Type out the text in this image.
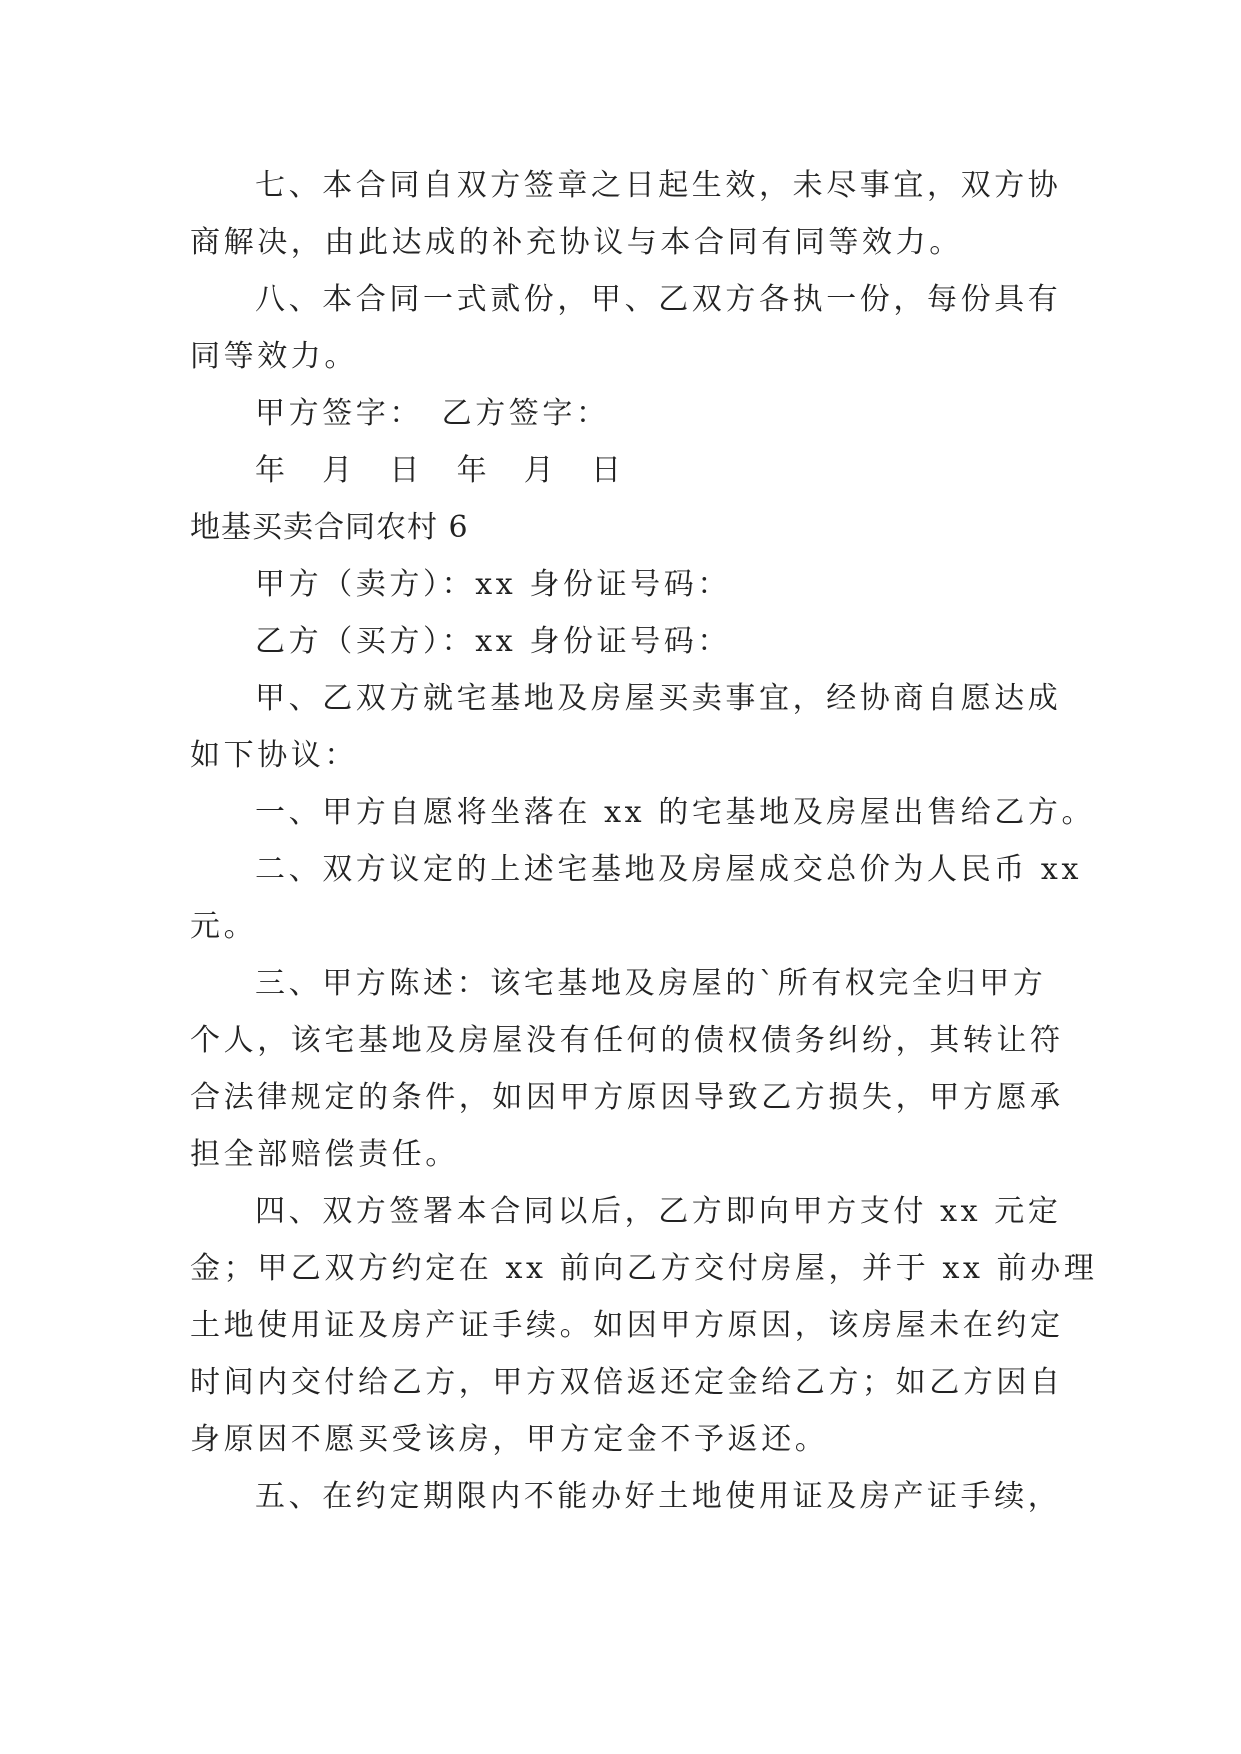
七、本合同自双方签章之日起生效，未尽事宜，双方协
商解决，由此达成的补充协议与本合同有同等效力。
八、本合同一式贰份，甲、乙双方各执一份，每份具有
同等效力。
甲方签字：　乙方签字：
年　月　日　年　月　日
地基买卖合同农村 6
甲方（卖方）：xx 身份证号码：
乙方（买方）：xx 身份证号码：
甲、乙双方就宅基地及房屋买卖事宜，经协商自愿达成
如下协议：
一、甲方自愿将坐落在 xx 的宅基地及房屋出售给乙方。
二、双方议定的上述宅基地及房屋成交总价为人民币 xx
元。
三、甲方陈述：该宅基地及房屋的`所有权完全归甲方
个人，该宅基地及房屋没有任何的债权债务纠纷，其转让符
合法律规定的条件，如因甲方原因导致乙方损失，甲方愿承
担全部赔偿责任。
四、双方签署本合同以后，乙方即向甲方支付 xx 元定
金；甲乙双方约定在 xx 前向乙方交付房屋，并于 xx 前办理
土地使用证及房产证手续。如因甲方原因，该房屋未在约定
时间内交付给乙方，甲方双倍返还定金给乙方；如乙方因自
身原因不愿买受该房，甲方定金不予返还。
五、在约定期限内不能办好土地使用证及房产证手续，
